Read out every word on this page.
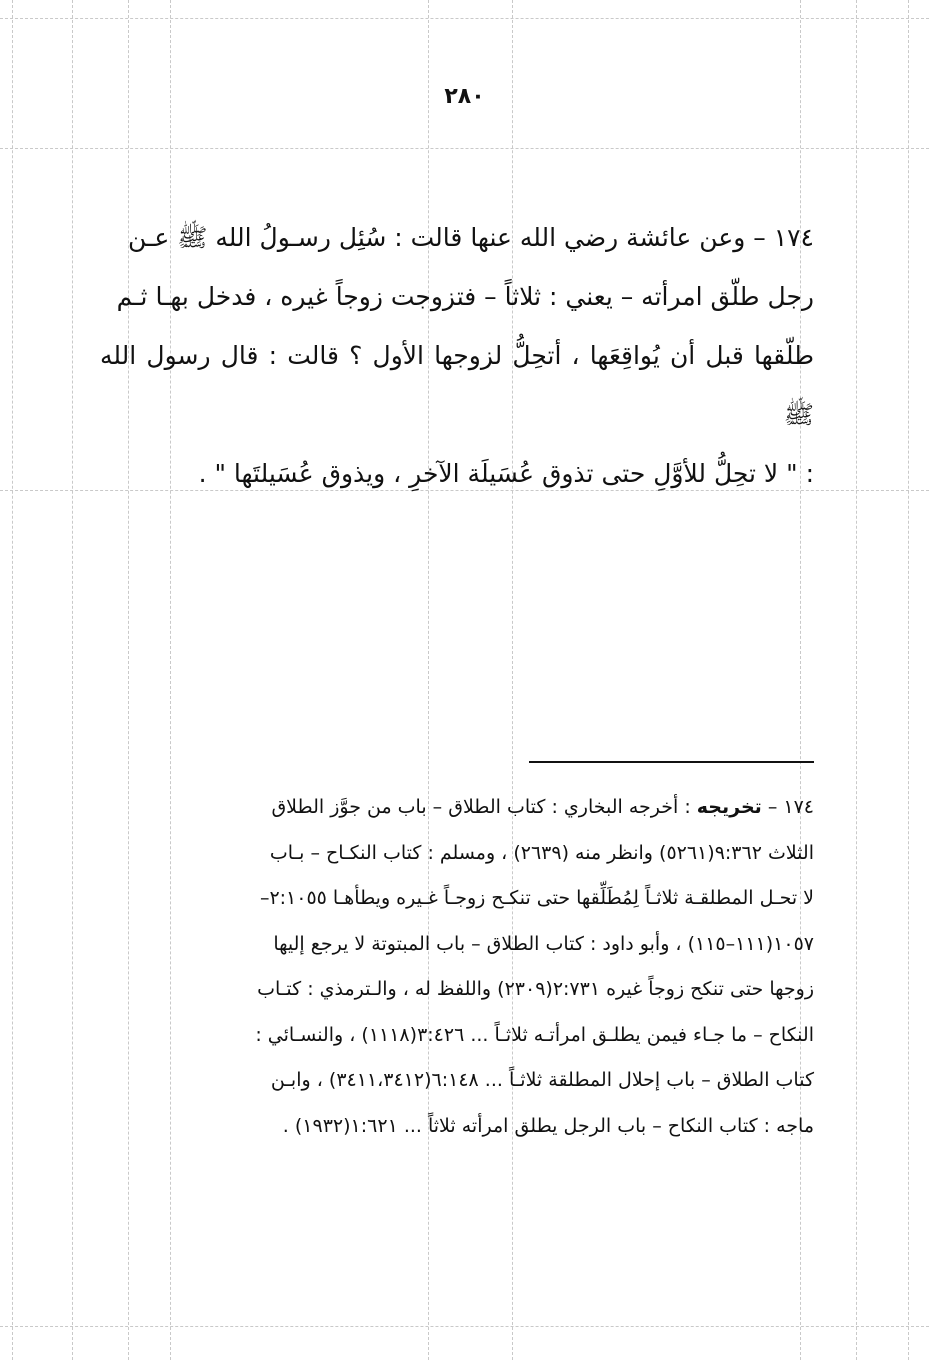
٢٨٠
١٧٤ – وعن عائشة رضي الله عنها قالت : سُئِل رسـولُ الله ﷺ عـن
رجل طلّق امرأته – يعني : ثلاثاً – فتزوجت زوجاً غيره ، فدخل بهـا ثـم
طلّقها قبل أن يُواقِعَها ، أتحِلُّ لزوجها الأول ؟ قالت : قال رسول الله ﷺ
: " لا تحِلُّ للأوَّلِ حتى تذوق عُسَيلَة الآخرِ ، ويذوق عُسَيلتَها " .
١٧٤ – تخريجه : أخرجه البخاري : كتاب الطلاق – باب من جوَّز الطلاق
الثلاث ٩:٣٦٢(٥٢٦١) وانظر منه (٢٦٣٩) ، ومسلم : كتاب النكـاح – بـاب
لا تحـل المطلقـة ثلاثـاً لِمُطَلِّقها حتى تنكـح زوجـاً غـيره ويطأهـا ٢:١٠٥٥–
١٠٥٧(١١١–١١٥) ، وأبو داود : كتاب الطلاق – باب المبتوتة لا يرجع إليها
زوجها حتى تنكح زوجاً غيره ٢:٧٣١(٢٣٠٩) واللفظ له ، والـترمذي : كتـاب
النكاح – ما جـاء فيمن يطلـق امرأتـه ثلاثـاً ... ٣:٤٢٦(١١١٨) ، والنسـائي :
كتاب الطلاق – باب إحلال المطلقة ثلاثـاً ... ٦:١٤٨(٣٤١١،٣٤١٢) ، وابـن
ماجه : كتاب النكاح – باب الرجل يطلق امرأته ثلاثاً ... ١:٦٢١(١٩٣٢) .
